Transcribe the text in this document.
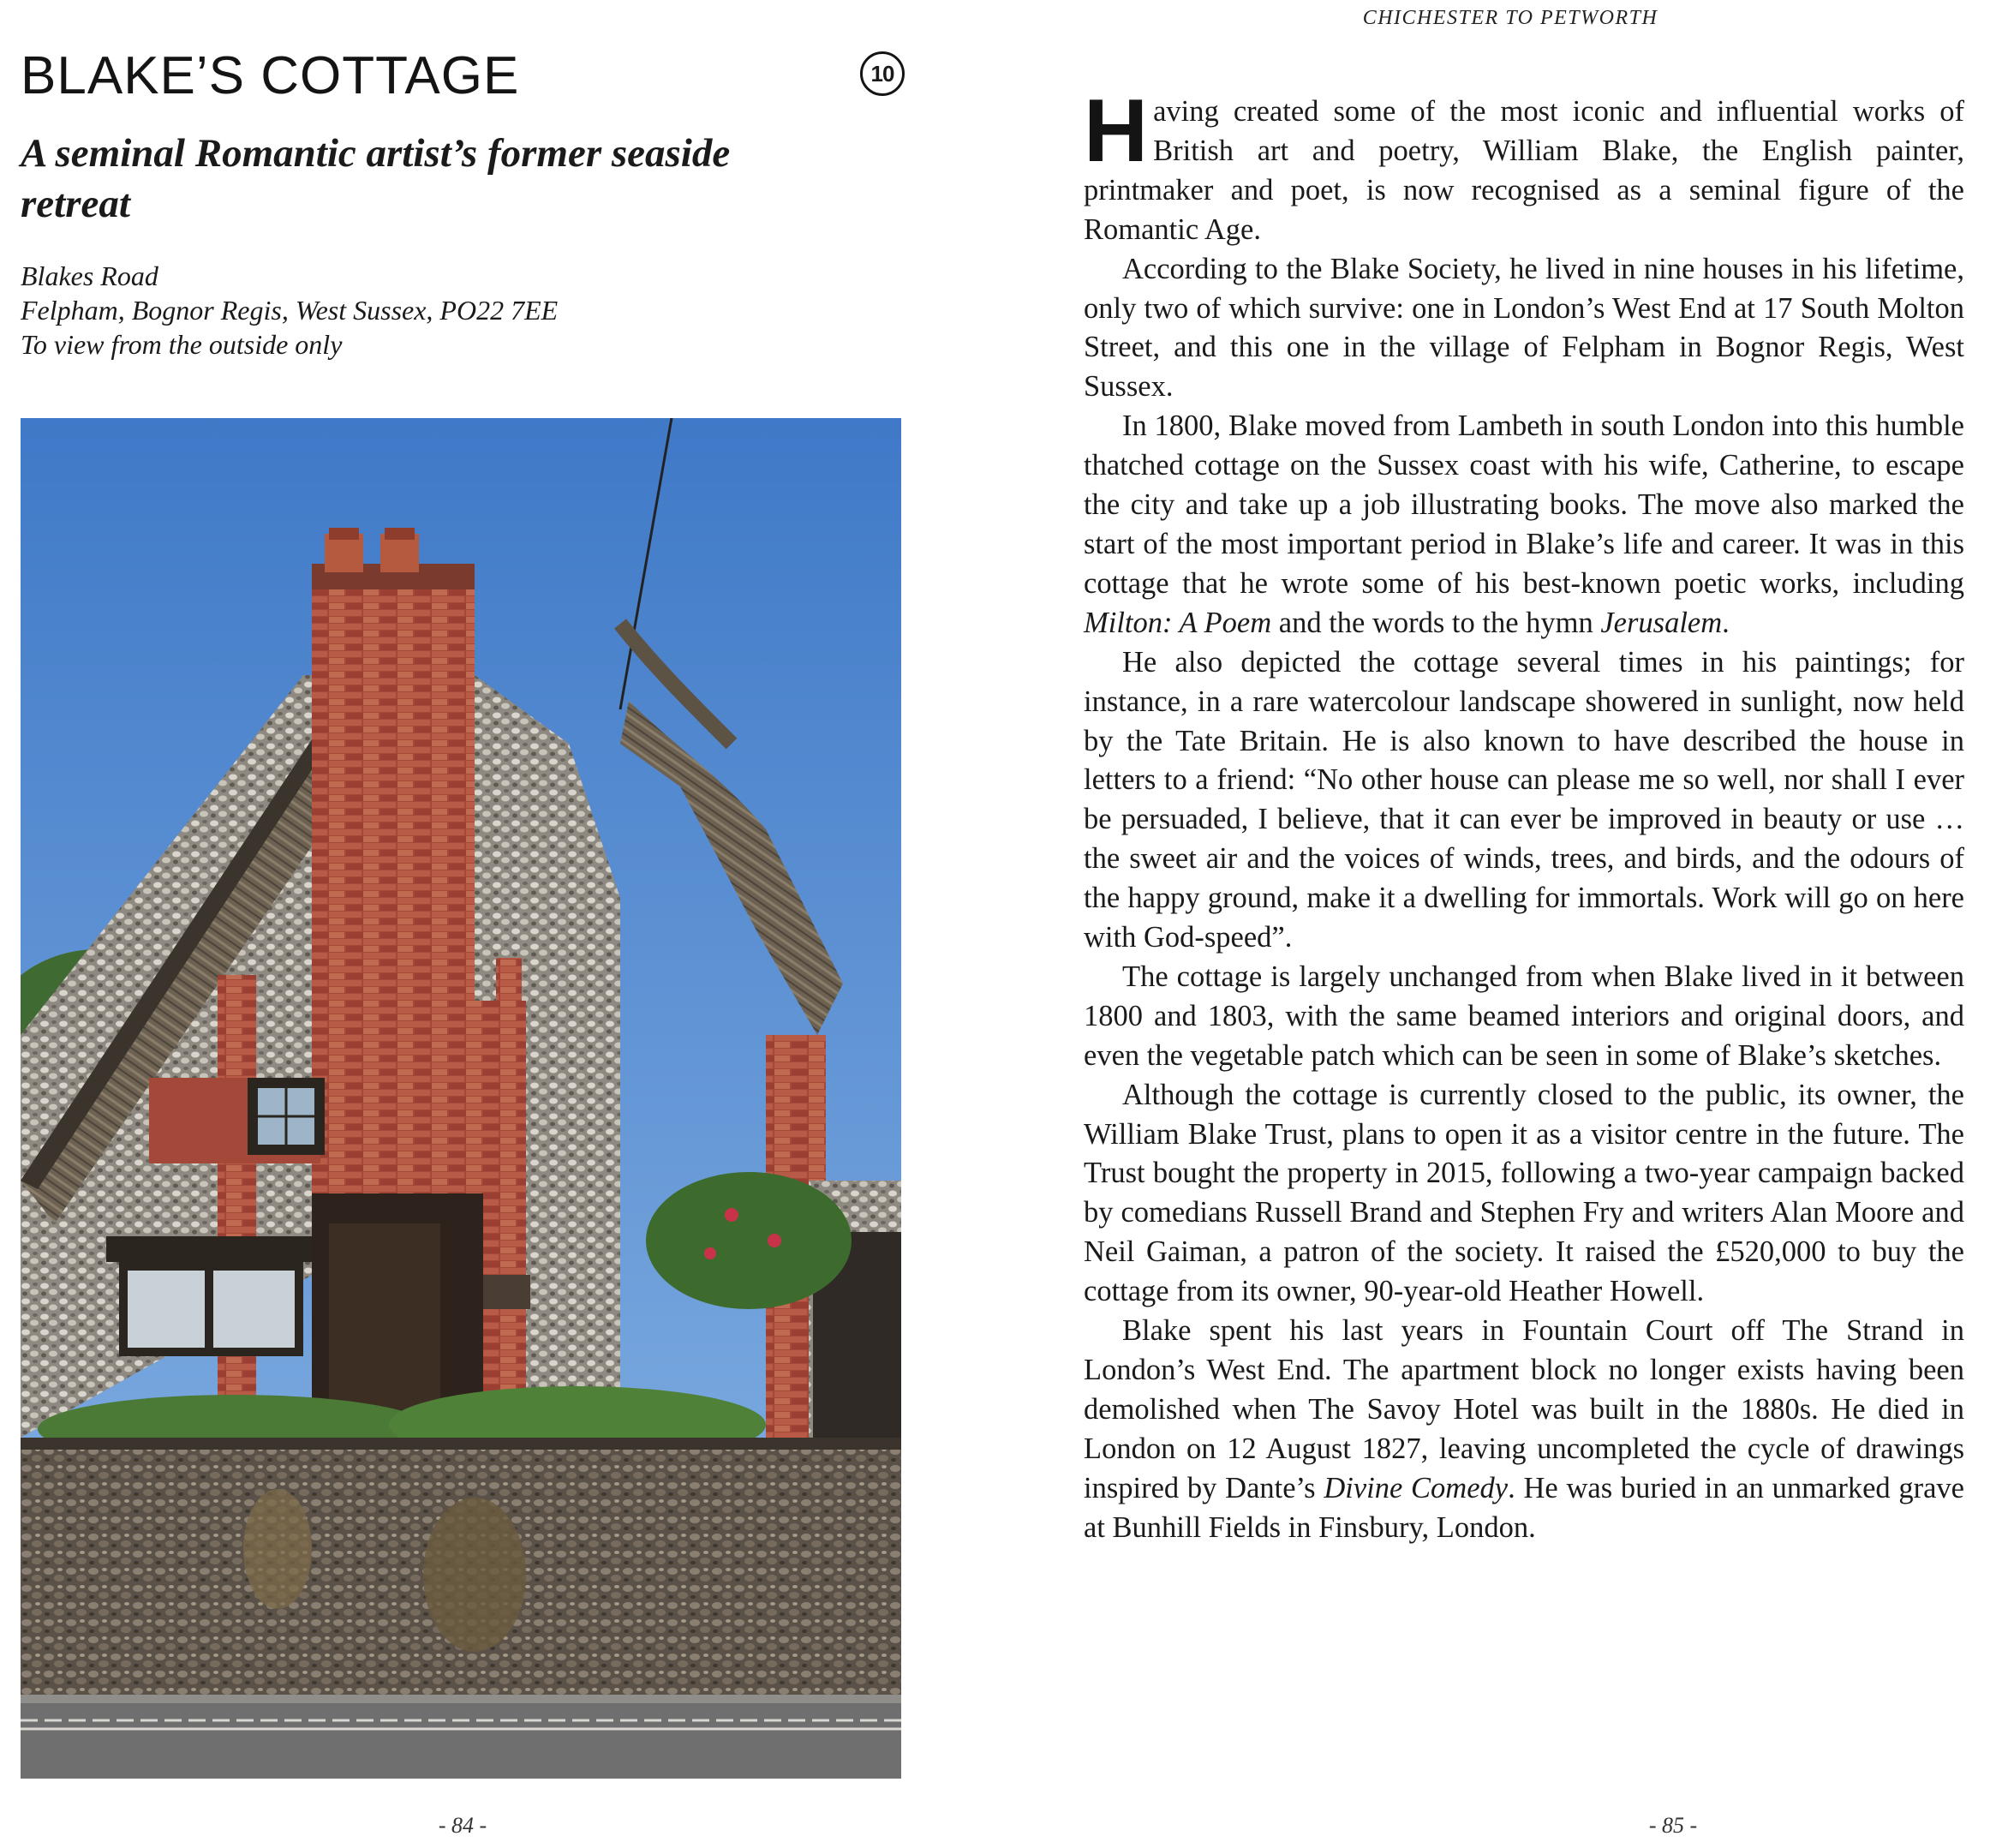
BLAKE’S COTTAGE	10
A seminal Romantic artist’s former seaside retreat
Blakes Road
Felpham, Bognor Regis, West Sussex, PO22 7EE
To view from the outside only
- 84 -
CHICHESTER TO PETWORTH

Having created some of the most iconic and influential works of British art and poetry, William Blake, the English painter, printmaker and poet, is now recognised as a seminal figure of the Romantic Age.

According to the Blake Society, he lived in nine houses in his lifetime, only two of which survive: one in London’s West End at 17 South Molton Street, and this one in the village of Felpham in Bognor Regis, West Sussex.

In 1800, Blake moved from Lambeth in south London into this humble thatched cottage on the Sussex coast with his wife, Catherine, to escape the city and take up a job illustrating books. The move also marked the start of the most important period in Blake’s life and career. It was in this cottage that he wrote some of his best-known poetic works, including Milton: A Poem and the words to the hymn Jerusalem.

He also depicted the cottage several times in his paintings; for instance, in a rare watercolour landscape showered in sunlight, now held by the Tate Britain. He is also known to have described the house in letters to a friend: “No other house can please me so well, nor shall I ever be persuaded, I believe, that it can ever be improved in beauty or use … the sweet air and the voices of winds, trees, and birds, and the odours of the happy ground, make it a dwelling for immortals. Work will go on here with God-speed”.

The cottage is largely unchanged from when Blake lived in it between 1800 and 1803, with the same beamed interiors and original doors, and even the vegetable patch which can be seen in some of Blake’s sketches.

Although the cottage is currently closed to the public, its owner, the William Blake Trust, plans to open it as a visitor centre in the future. The Trust bought the property in 2015, following a two-year campaign backed by comedians Russell Brand and Stephen Fry and writers Alan Moore and Neil Gaiman, a patron of the society. It raised the £520,000 to buy the cottage from its owner, 90-year-old Heather Howell.

Blake spent his last years in Fountain Court off The Strand in London’s West End. The apartment block no longer exists having been demolished when The Savoy Hotel was built in the 1880s. He died in London on 12 August 1827, leaving uncompleted the cycle of drawings inspired by Dante’s Divine Comedy. He was buried in an unmarked grave at Bunhill Fields in Finsbury, London.

- 85 -
